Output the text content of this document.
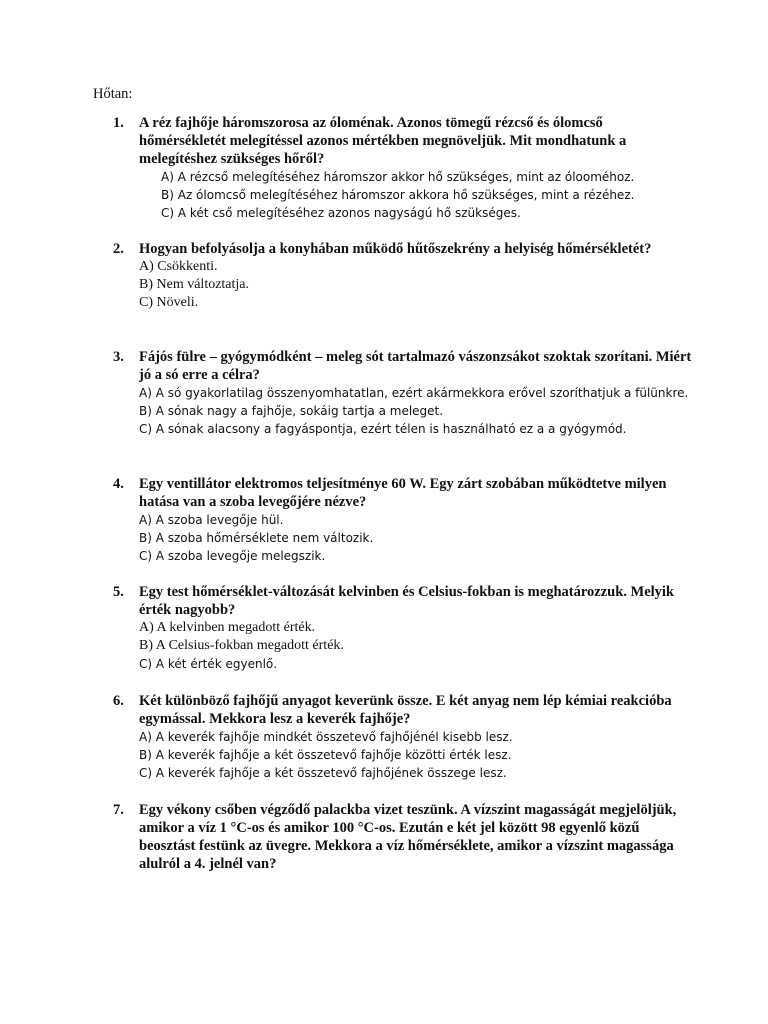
Hőtan:
1.	A réz fajhője háromszorosa az óloménak. Azonos tömegű rézcső és ólomcső hőmérsékletét melegítéssel azonos mértékben megnöveljük. Mit mondhatunk a melegítéshez szükséges hőről?
A) A rézcső melegítéséhez háromszor akkor hő szükséges, mint az ólooméhoz.
B) Az ólomcső melegítéséhez háromszor akkora hő szükséges, mint a rézéhez.
C) A két cső melegítéséhez azonos nagyságú hő szükséges.
2.	Hogyan befolyásolja a konyhában működő hűtőszekrény a helyiség hőmérsékletét?
A) Csökkenti.
B) Nem változtatja.
C) Növeli.
3.	Fájós fülre – gyógymódként – meleg sót tartalmazó vászonzsákot szoktak szorítani. Miért jó a só erre a célra?
A) A só gyakorlatilag összenyomhatatlan, ezért akármekkora erővel szoríthatjuk a fülünkre.
B) A sónak nagy a fajhője, sokáig tartja a meleget.
C) A sónak alacsony a fagyáspontja, ezért télen is használható ez a a gyógymód.
4.	Egy ventillátor elektromos teljesítménye 60 W. Egy zárt szobában működtetve milyen hatása van a szoba levegőjére nézve?
A) A szoba levegője hül.
B) A szoba hőmérséklete nem változik.
C) A szoba levegője melegszik.
5.	Egy test hőmérséklet-változását kelvinben és Celsius-fokban is meghatározzuk. Melyik érték nagyobb?
A) A kelvinben megadott érték.
B) A Celsius-fokban megadott érték.
C) A két érték egyenlő.
6.	Két különböző fajhőjű anyagot keverünk össze. E két anyag nem lép kémiai reakcióba egymással. Mekkora lesz a keverék fajhője?
A) A keverék fajhője mindkét összetevő fajhőjénél kisebb lesz.
B) A keverék fajhője a két összetevő fajhője közötti érték lesz.
C) A keverék fajhője a két összetevő fajhőjének összege lesz.
7.	Egy vékony csőben végződő palackba vizet teszünk. A vízszint magasságát megjelöljük, amikor a víz 1 °C-os és amikor 100 °C-os. Ezután e két jel között 98 egyenlő közű beosztást festünk az üvegre. Mekkora a víz hőmérséklete, amikor a vízszint magassága alulról a 4. jelnél van?
